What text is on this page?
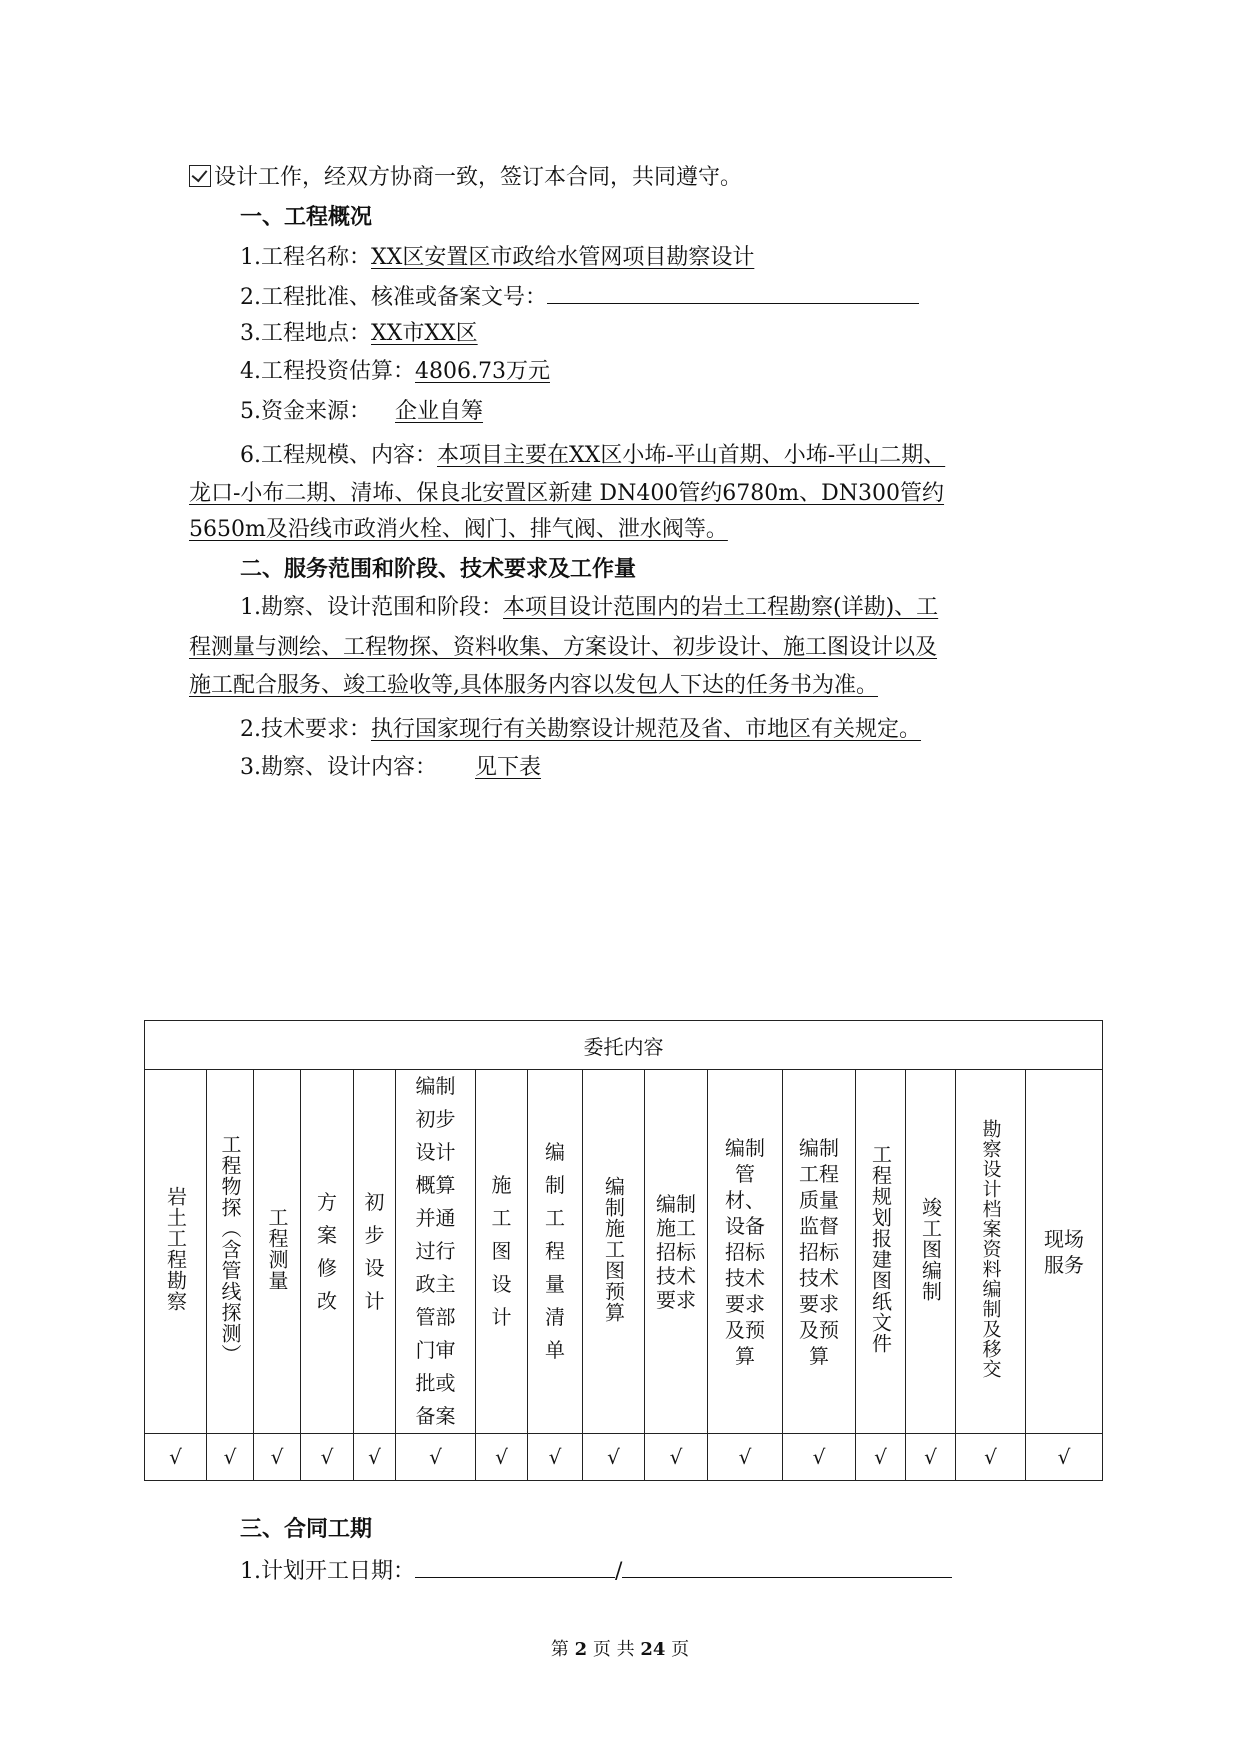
设计工作，经双方协商一致，签订本合同，共同遵守。
一、工程概况
1.工程名称：XX区安置区市政给水管网项目勘察设计
2.工程批准、核准或备案文号：
3.工程地点：XX市XX区
4.工程投资估算：4806.73万元
5.资金来源： 企业自筹
6.工程规模、内容：本项目主要在XX区小㘵-平山首期、小㘵-平山二期、
龙口-小布二期、清㘵、保良北安置区新建 DN400管约6780m、DN300管约
5650m及沿线市政消火栓、阀门、排气阀、泄水阀等。
二、服务范围和阶段、技术要求及工作量
1.勘察、设计范围和阶段：本项目设计范围内的岩土工程勘察(详勘)、工
程测量与测绘、工程物探、资料收集、方案设计、初步设计、施工图设计以及
施工配合服务、竣工验收等,具体服务内容以发包人下达的任务书为准。
2.技术要求：执行国家现行有关勘察设计规范及省、市地区有关规定。
3.勘察、设计内容： 见下表
委托内容															
岩土工程勘察	工程物探（含管线探测）	工程测量	方案修改	初步设计	编制初步设计概算并通过行政主管部门审批或备案	施工图设计	编制工程量清单	编制施工图预算	编制施工招标技术要求	编制管材、设备招标技术要求及预算	编制工程质量监督招标技术要求及预算	工程规划报建图纸文件	竣工图编制	勘察设计档案资料编制及移交	现场服务
√	√	√	√	√	√	√	√	√	√	√	√	√	√	√	√
三、合同工期
1.计划开工日期：	/
第 2 页 共 24 页
